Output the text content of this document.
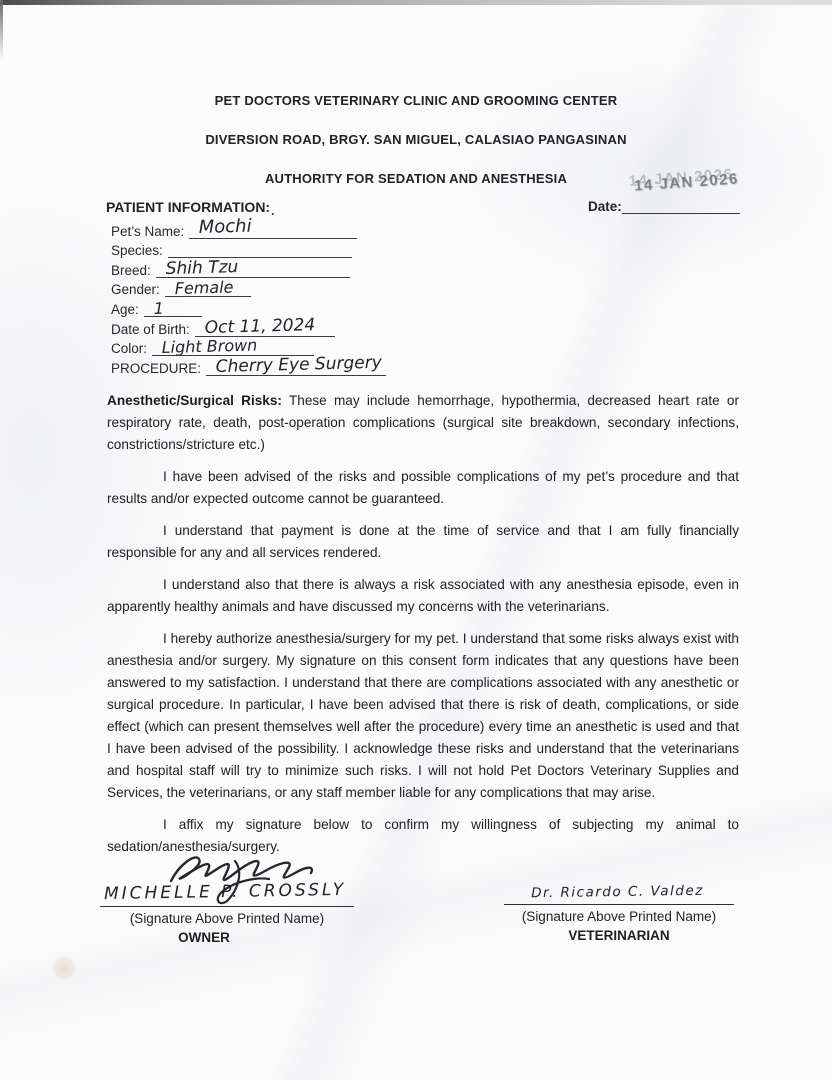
PET DOCTORS VETERINARY CLINIC AND GROOMING CENTER
DIVERSION ROAD, BRGY. SAN MIGUEL, CALASIAO PANGASINAN
AUTHORITY FOR SEDATION AND ANESTHESIA	14 JAN 2026
Date:
PATIENT INFORMATION:.
Pet’s Name: Mochi
Species:
Breed: Shih Tzu
Gender: Female
Age: 1
Date of Birth: Oct 11, 2024
Color: Light Brown
PROCEDURE: Cherry Eye Surgery

Anesthetic/Surgical Risks: These may include hemorrhage, hypothermia, decreased heart rate or respiratory rate, death, post-operation complications (surgical site breakdown, secondary infections, constrictions/stricture etc.)

I have been advised of the risks and possible complications of my pet’s procedure and that results and/or expected outcome cannot be guaranteed.

I understand that payment is done at the time of service and that I am fully financially responsible for any and all services rendered.

I understand also that there is always a risk associated with any anesthesia episode, even in apparently healthy animals and have discussed my concerns with the veterinarians.

I hereby authorize anesthesia/surgery for my pet. I understand that some risks always exist with anesthesia and/or surgery. My signature on this consent form indicates that any questions have been answered to my satisfaction. I understand that there are complications associated with any anesthetic or surgical procedure. In particular, I have been advised that there is risk of death, complications, or side effect (which can present themselves well after the procedure) every time an anesthetic is used and that I have been advised of the possibility. I acknowledge these risks and understand that the veterinarians and hospital staff will try to minimize such risks. I will not hold Pet Doctors Veterinary Supplies and Services, the veterinarians, or any staff member liable for any complications that may arise.

I affix my signature below to confirm my willingness of subjecting my animal to sedation/anesthesia/surgery.

MICHELLE P. CROSSLY
(Signature Above Printed Name)
OWNER
Dr. Ricardo C. Valdez
(Signature Above Printed Name)
VETERINARIAN
